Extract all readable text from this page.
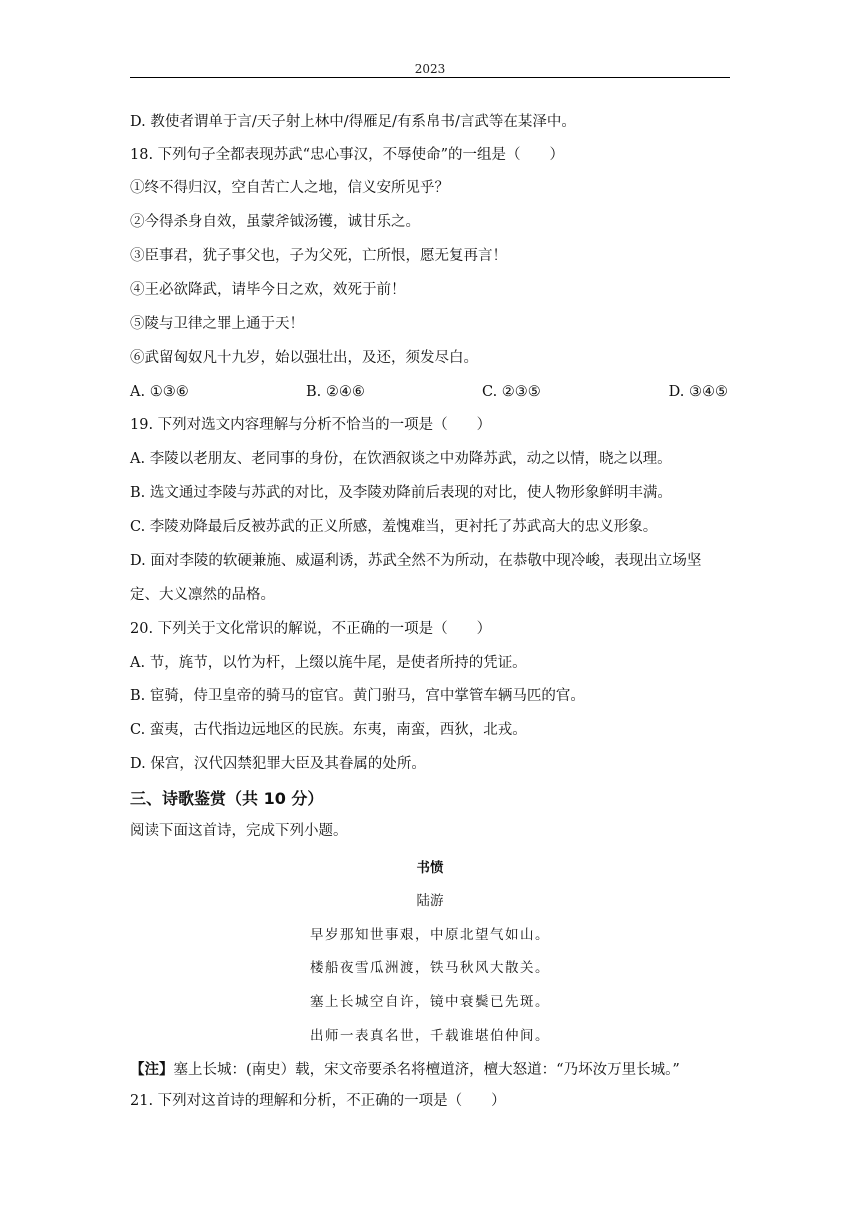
2023
D. 教使者谓单于言/天子射上林中/得雁足/有系帛书/言武等在某泽中。
18. 下列句子全都表现苏武“忠心事汉，不辱使命”的一组是（　　）
①终不得归汉，空自苦亡人之地，信义安所见乎？
②今得杀身自效，虽蒙斧钺汤镬，诚甘乐之。
③臣事君，犹子事父也，子为父死，亡所恨，愿无复再言！
④王必欲降武，请毕今日之欢，效死于前！
⑤陵与卫律之罪上通于天！
⑥武留匈奴凡十九岁，始以强壮出，及还，须发尽白。
A. ①③⑥	B. ②④⑥	C. ②③⑤	D. ③④⑤
19. 下列对选文内容理解与分析不恰当的一项是（　　）
A. 李陵以老朋友、老同事的身份，在饮酒叙谈之中劝降苏武，动之以情，晓之以理。
B. 选文通过李陵与苏武的对比，及李陵劝降前后表现的对比，使人物形象鲜明丰满。
C. 李陵劝降最后反被苏武的正义所感，羞愧难当，更衬托了苏武高大的忠义形象。
D. 面对李陵的软硬兼施、威逼利诱，苏武全然不为所动，在恭敬中现冷峻，表现出立场坚
定、大义凛然的品格。
20. 下列关于文化常识的解说，不正确的一项是（　　）
A. 节，旄节，以竹为杆，上缀以旄牛尾，是使者所持的凭证。
B. 宦骑，侍卫皇帝的骑马的宦官。黄门驸马，宫中掌管车辆马匹的官。
C. 蛮夷，古代指边远地区的民族。东夷，南蛮，西狄，北戎。
D. 保宫，汉代囚禁犯罪大臣及其眷属的处所。
三、诗歌鉴赏（共 10 分）
阅读下面这首诗，完成下列小题。
书愤
陆游
早岁那知世事艰，中原北望气如山。
楼船夜雪瓜洲渡，铁马秋风大散关。
塞上长城空自许，镜中衰鬓已先斑。
出师一表真名世，千载谁堪伯仲间。
【注】塞上长城：(南史）载，宋文帝要杀名将檀道济，檀大怒道：“乃坏汝万里长城。”
21. 下列对这首诗的理解和分析，不正确的一项是（　　）
